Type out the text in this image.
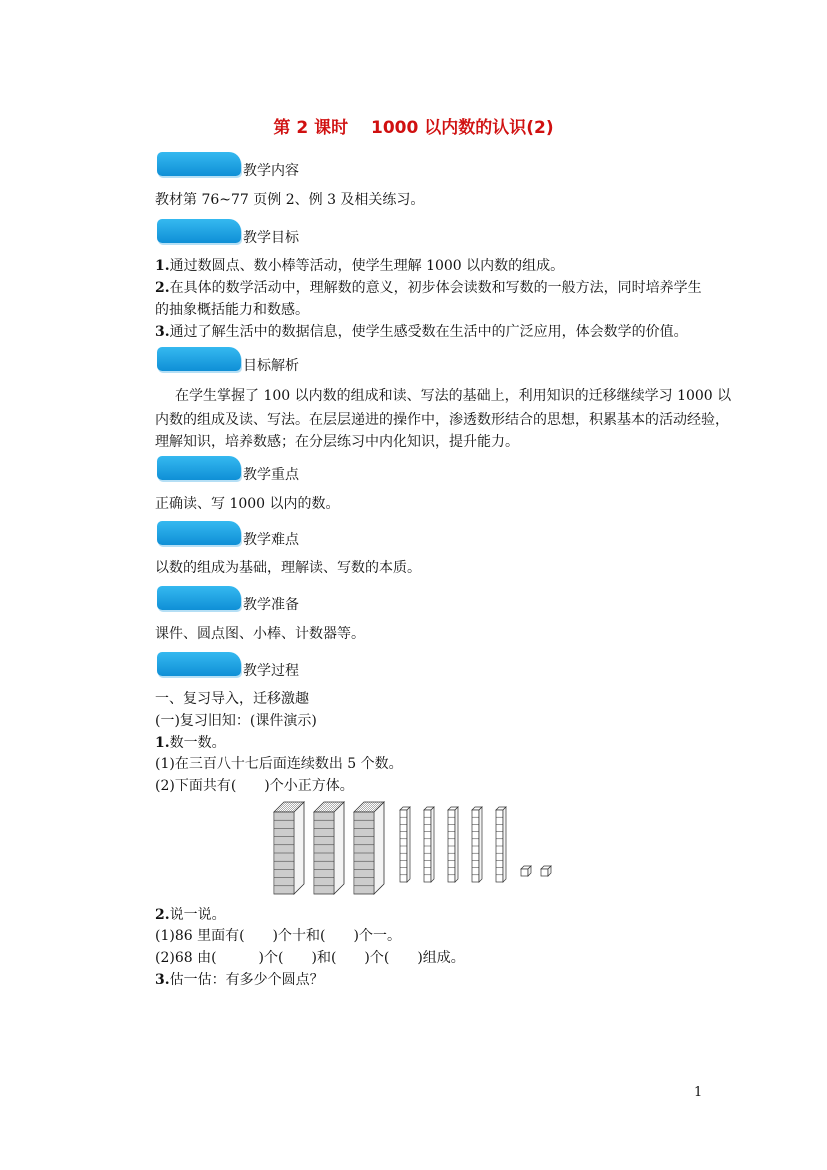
第 2 课时　 1000 以内数的认识(2)
教学内容
教材第 76~77 页例 2、例 3 及相关练习。
教学目标
1.通过数圆点、数小棒等活动，使学生理解 1000 以内数的组成。
2.在具体的数学活动中，理解数的意义，初步体会读数和写数的一般方法，同时培养学生
的抽象概括能力和数感。
3.通过了解生活中的数据信息，使学生感受数在生活中的广泛应用，体会数学的价值。
目标解析
在学生掌握了 100 以内数的组成和读、写法的基础上，利用知识的迁移继续学习 1000 以
内数的组成及读、写法。在层层递进的操作中，渗透数形结合的思想，积累基本的活动经验，
理解知识，培养数感；在分层练习中内化知识，提升能力。
教学重点
正确读、写 1000 以内的数。
教学难点
以数的组成为基础，理解读、写数的本质。
教学准备
课件、圆点图、小棒、计数器等。
教学过程
一、复习导入，迁移激趣
(一)复习旧知：(课件演示)
1.数一数。
(1)在三百八十七后面连续数出 5 个数。
(2)下面共有(　　)个小正方体。
2.说一说。
(1)86 里面有(　　)个十和(　　)个一。
(2)68 由(　　　)个(　　)和(　　)个(　　)组成。
3.估一估：有多少个圆点？
1
